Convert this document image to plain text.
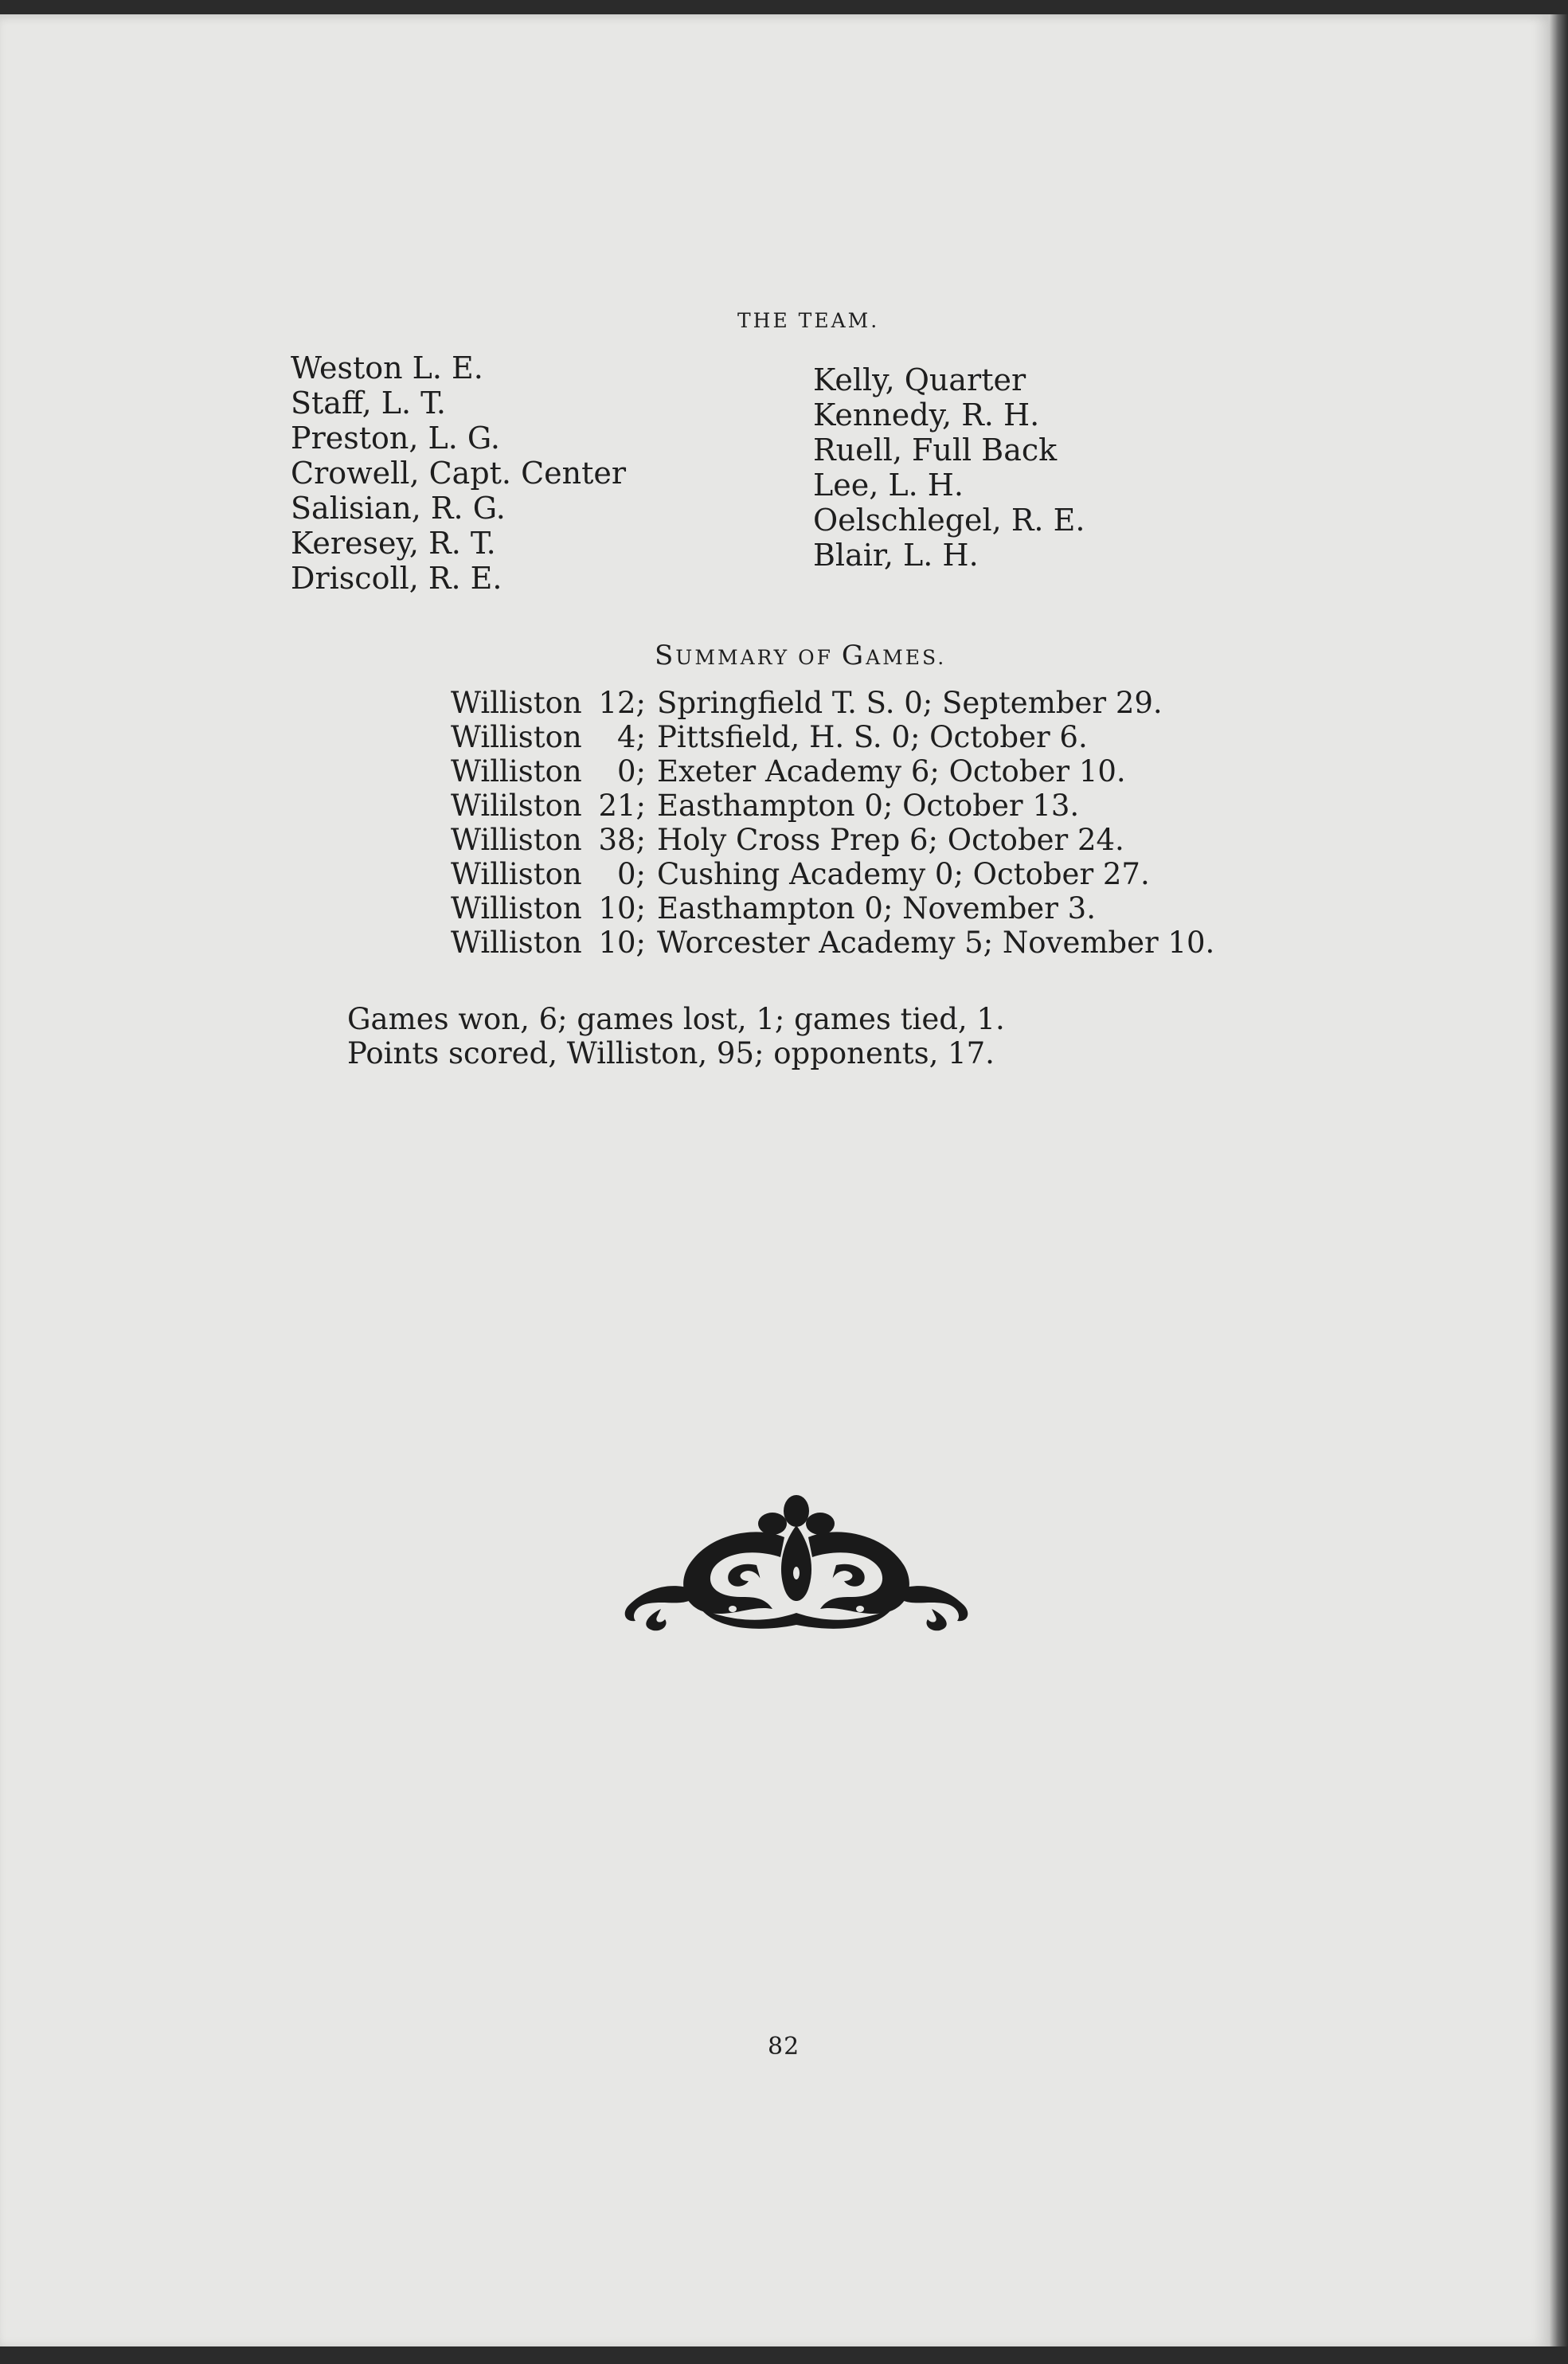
THE TEAM.
Weston L. E.
Staff, L. T.
Preston, L. G.
Crowell, Capt. Center
Salisian, R. G.
Keresey, R. T.
Driscoll, R. E.
Kelly, Quarter
Kennedy, R. H.
Ruell, Full Back
Lee, L. H.
Oelschlegel, R. E.
Blair, L. H.
SUMMARY OF GAMES.
Williston 12; Springfield T. S. 0; September 29.
Williston	4; Pittsfield, H. S. 0; October 6.
Williston	0; Exeter Academy 6; October 10.
Wililston 21; Easthampton 0; October 13.
Williston 38; Holy Cross Prep 6; October 24.
Williston	0; Cushing Academy 0; October 27.
Williston 10; Easthampton 0; November 3.
Williston 10; Worcester Academy 5; November 10.
Games won, 6; games lost, 1; games tied, 1.
Points scored, Williston, 95; opponents, 17.
82
